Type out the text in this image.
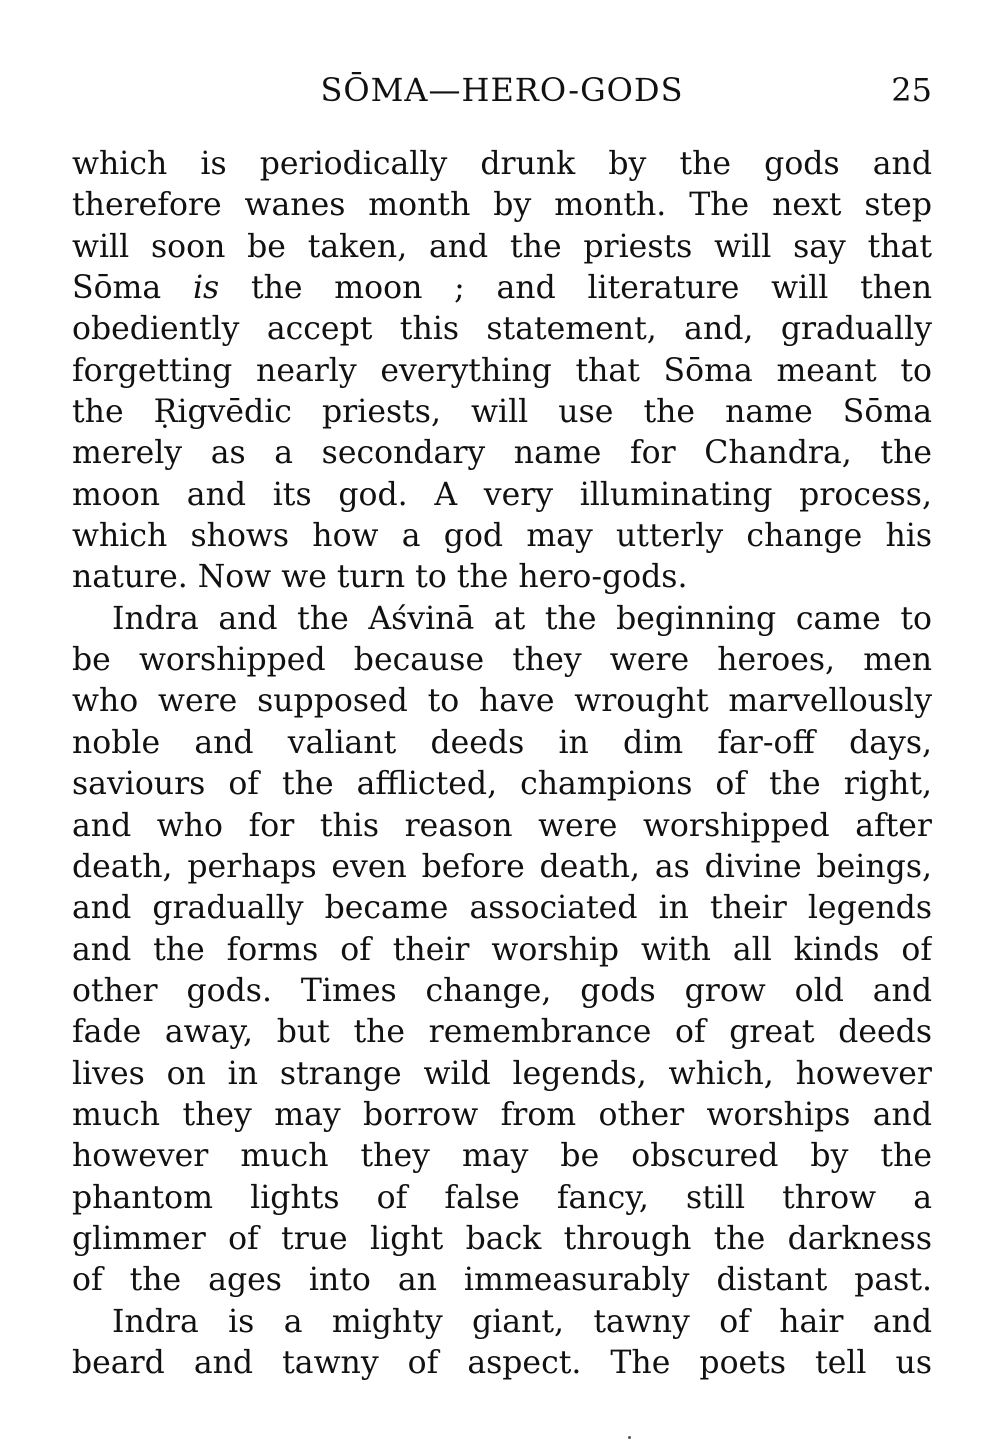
SŌMA—HERO-GODS	25
which is periodically drunk by the gods and
therefore wanes month by month. The next step
will soon be taken, and the priests will say that
Sōma is the moon ; and literature will then
obediently accept this statement, and, gradually
forgetting nearly everything that Sōma meant to
the Ṛigvēdic priests, will use the name Sōma
merely as a secondary name for Chandra, the
moon and its god. A very illuminating process,
which shows how a god may utterly change his
nature. Now we turn to the hero-gods.
Indra and the Aśvinā at the beginning came to
be worshipped because they were heroes, men
who were supposed to have wrought marvellously
noble and valiant deeds in dim far-off days,
saviours of the afflicted, champions of the right,
and who for this reason were worshipped after
death, perhaps even before death, as divine beings,
and gradually became associated in their legends
and the forms of their worship with all kinds of
other gods. Times change, gods grow old and
fade away, but the remembrance of great deeds
lives on in strange wild legends, which, however
much they may borrow from other worships and
however much they may be obscured by the
phantom lights of false fancy, still throw a
glimmer of true light back through the darkness
of the ages into an immeasurably distant past.
Indra is a mighty giant, tawny of hair and
beard and tawny of aspect. The poets tell us
